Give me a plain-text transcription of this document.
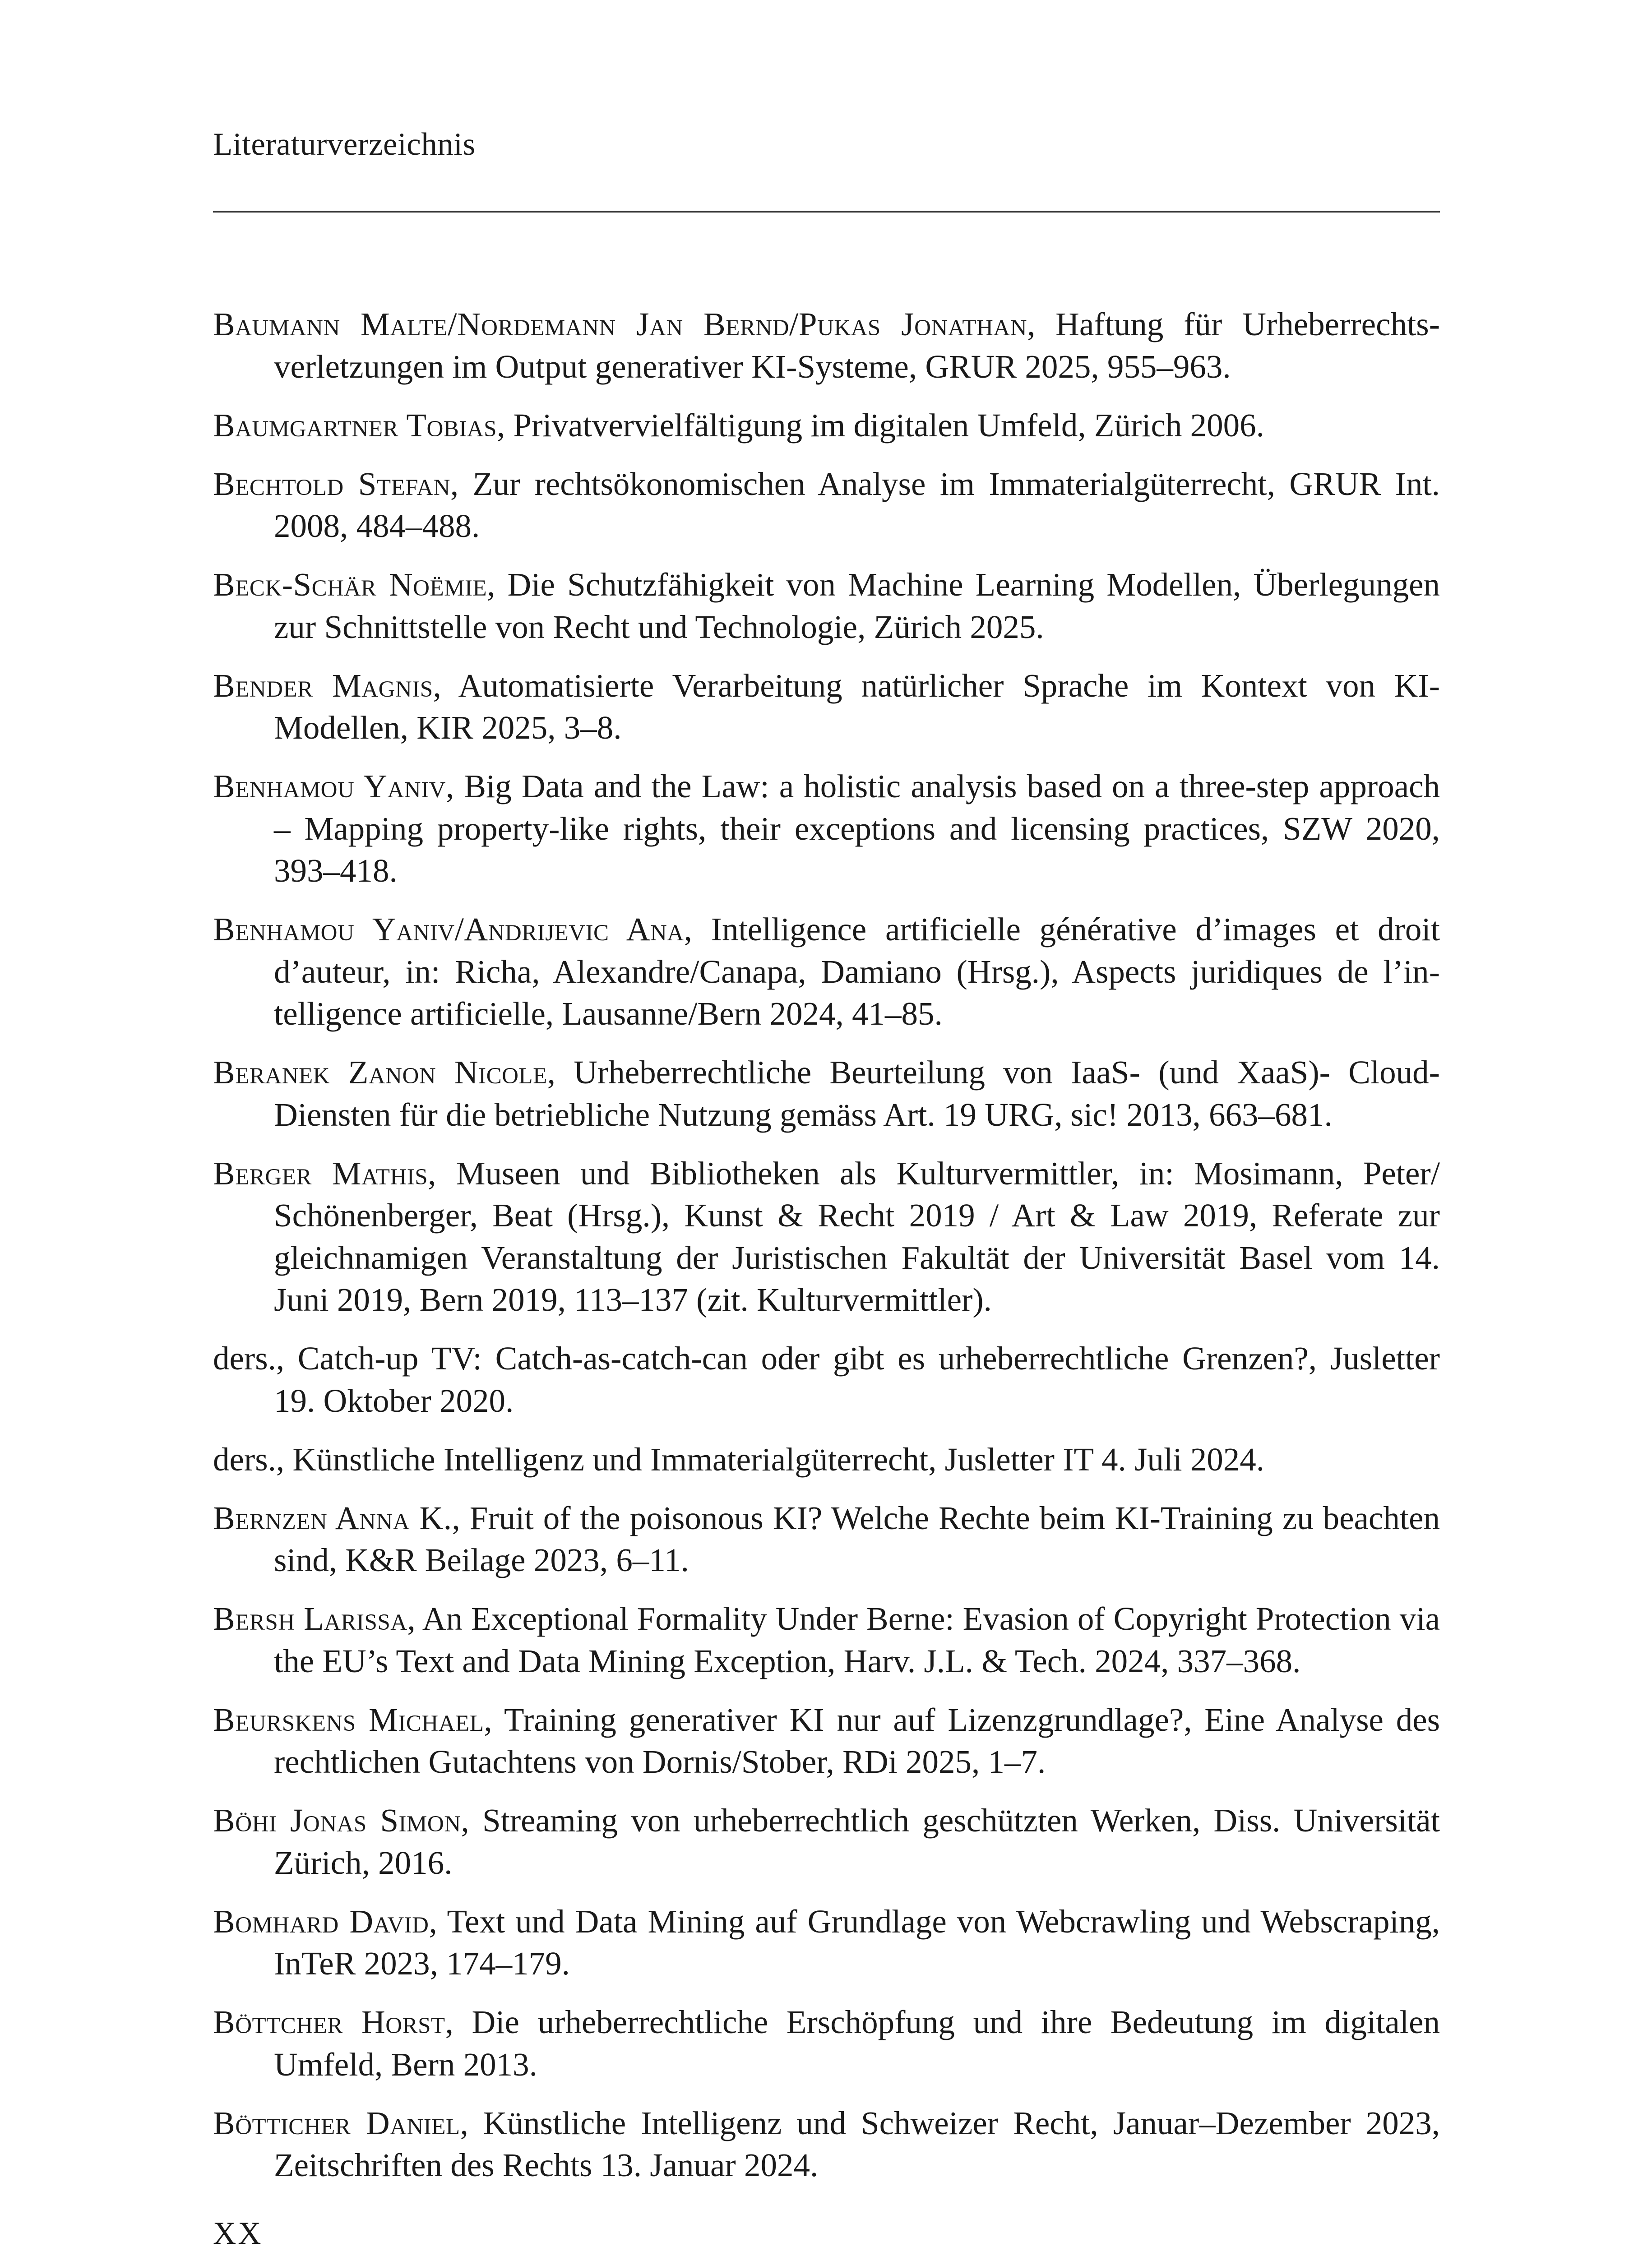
Literaturverzeichnis

Baumann Malte/Nordemann Jan Bernd/Pukas Jonathan, Haftung für Urheberrechtsverletzungen im Output generativer KI-Systeme, GRUR 2025, 955–963.

Baumgartner Tobias, Privatvervielfältigung im digitalen Umfeld, Zürich 2006.

Bechtold Stefan, Zur rechtsökonomischen Analyse im Immaterialgüterrecht, GRUR Int. 2008, 484–488.

Beck-Schär Noëmie, Die Schutzfähigkeit von Machine Learning Modellen, Überlegungen zur Schnittstelle von Recht und Technologie, Zürich 2025.

Bender Magnis, Automatisierte Verarbeitung natürlicher Sprache im Kontext von KI-Modellen, KIR 2025, 3–8.

Benhamou Yaniv, Big Data and the Law: a holistic analysis based on a three-step approach – Mapping property-like rights, their exceptions and licensing practices, SZW 2020, 393–418.

Benhamou Yaniv/Andrijevic Ana, Intelligence artificielle générative d’images et droit d’auteur, in: Richa, Alexandre/Canapa, Damiano (Hrsg.), Aspects juridiques de l’intelligence artificielle, Lausanne/Bern 2024, 41–85.

Beranek Zanon Nicole, Urheberrechtliche Beurteilung von IaaS- (und XaaS)- Cloud-Diensten für die betriebliche Nutzung gemäss Art. 19 URG, sic! 2013, 663–681.

Berger Mathis, Museen und Bibliotheken als Kulturvermittler, in: Mosimann, Peter/ Schönenberger, Beat (Hrsg.), Kunst & Recht 2019 / Art & Law 2019, Referate zur gleichnamigen Veranstaltung der Juristischen Fakultät der Universität Basel vom 14. Juni 2019, Bern 2019, 113–137 (zit. Kulturvermittler).

ders., Catch-up TV: Catch-as-catch-can oder gibt es urheberrechtliche Grenzen?, Jusletter 19. Oktober 2020.

ders., Künstliche Intelligenz und Immaterialgüterrecht, Jusletter IT 4. Juli 2024.

Bernzen Anna K., Fruit of the poisonous KI? Welche Rechte beim KI-Training zu beachten sind, K&R Beilage 2023, 6–11.

Bersh Larissa, An Exceptional Formality Under Berne: Evasion of Copyright Protection via the EU’s Text and Data Mining Exception, Harv. J.L. & Tech. 2024, 337–368.

Beurskens Michael, Training generativer KI nur auf Lizenzgrundlage?, Eine Analyse des rechtlichen Gutachtens von Dornis/Stober, RDi 2025, 1–7.

Böhi Jonas Simon, Streaming von urheberrechtlich geschützten Werken, Diss. Universität Zürich, 2016.

Bomhard David, Text und Data Mining auf Grundlage von Webcrawling und Webscraping, InTeR 2023, 174–179.

Böttcher Horst, Die urheberrechtliche Erschöpfung und ihre Bedeutung im digitalen Umfeld, Bern 2013.

Bötticher Daniel, Künstliche Intelligenz und Schweizer Recht, Januar–Dezember 2023, Zeitschriften des Rechts 13. Januar 2024.

XX
